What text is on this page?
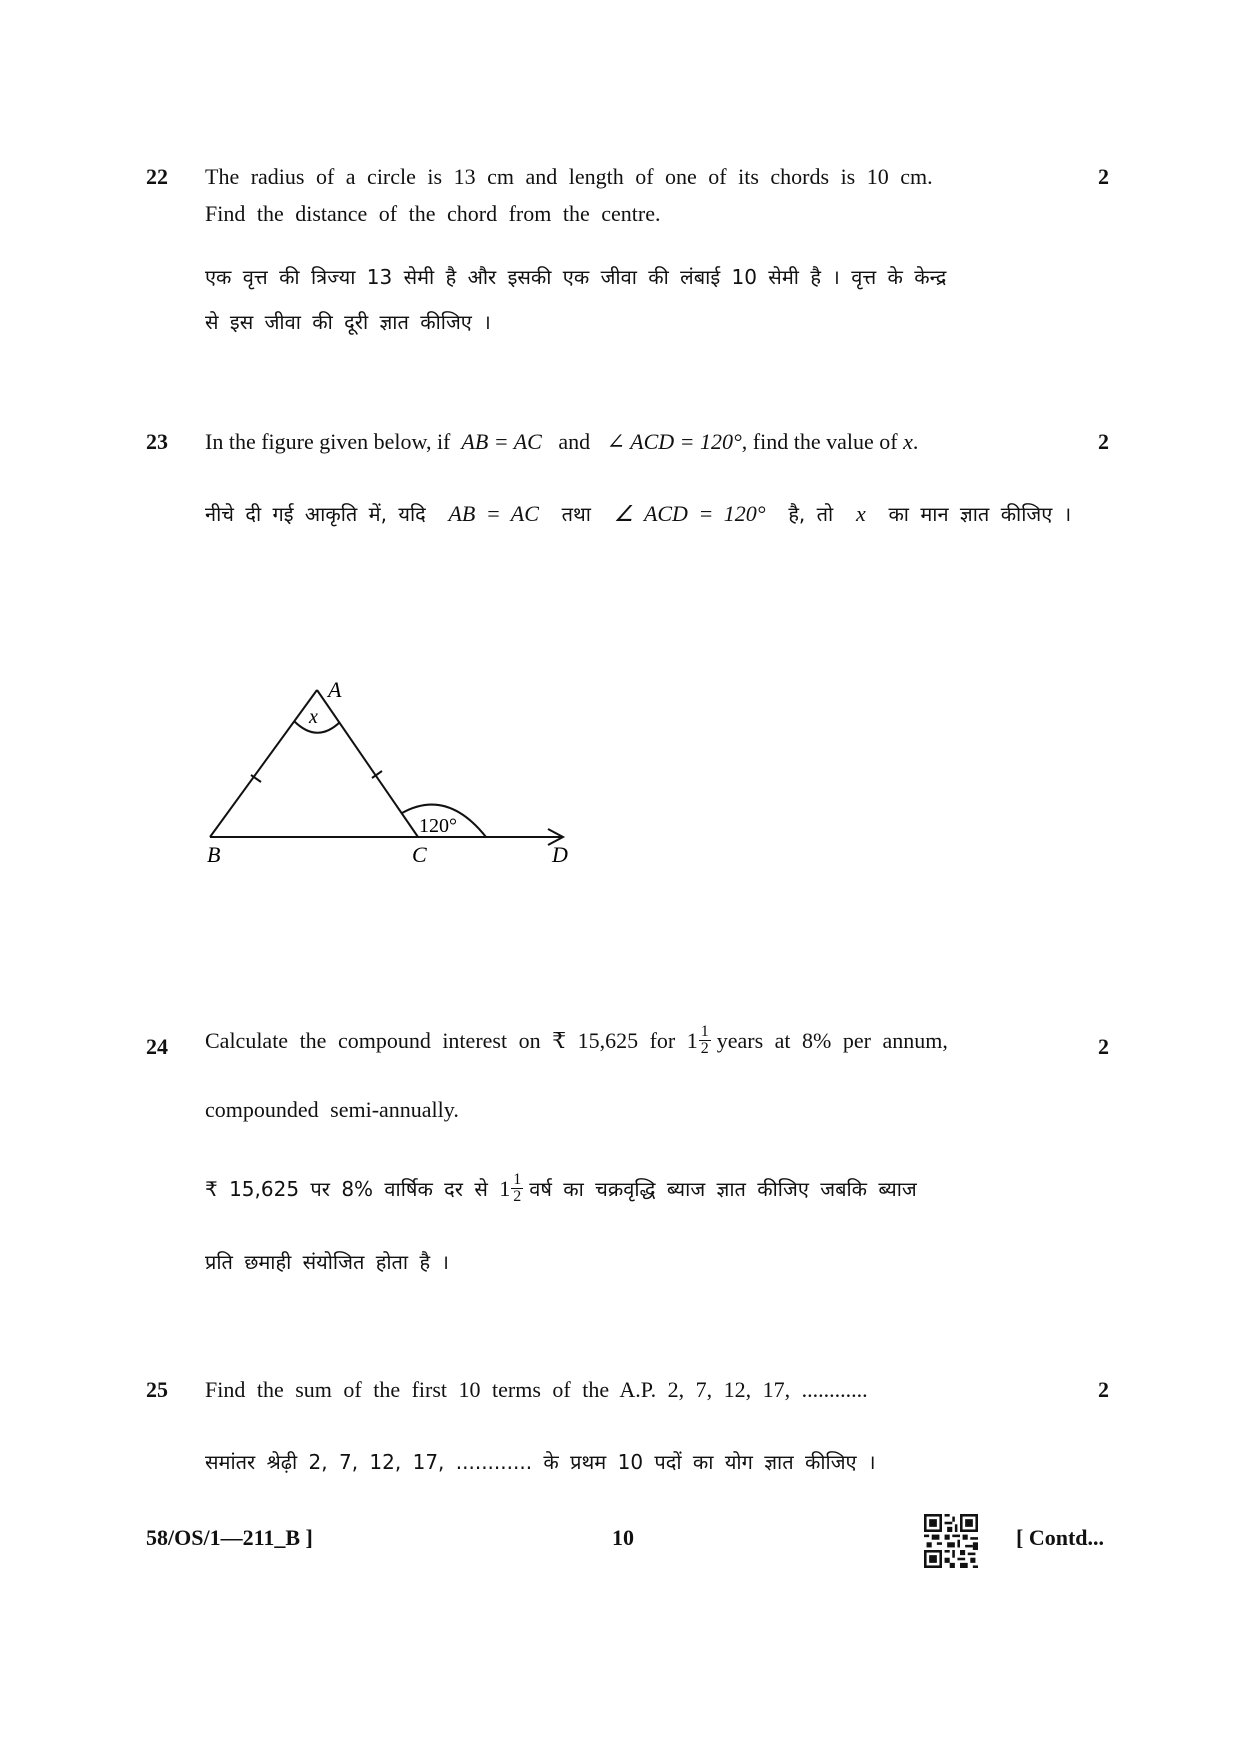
22	2
The radius of a circle is 13 cm and length of one of its chords is 10 cm.
Find the distance of the chord from the centre.
एक वृत्त की त्रिज्या 13 सेमी है और इसकी एक जीवा की लंबाई 10 सेमी है । वृत्त के केन्द्र
से इस जीवा की दूरी ज्ञात कीजिए ।
23	2
In the figure given below, if AB = AC and ∠ ACD = 120°, find the value of x.
नीचे दी गई आकृति में, यदि AB = AC तथा ∠ ACD = 120° है, तो x का मान ज्ञात कीजिए ।
A
B	C	D
x
120°
24	2
Calculate the compound interest on ₹ 15,625 for
$1 \frac{1}{2}$ years at 8% per annum,
compounded semi-annually.
₹ 15,625 पर 8% वार्षिक दर से
$1 \frac{1}{2}$ वर्ष का चक्रवृद्धि ब्याज ज्ञात कीजिए जबकि ब्याज
प्रति छमाही संयोजित होता है ।
25	2
Find the sum of the first 10 terms of the A.P. 2, 7, 12, 17, ............
समांतर श्रेढ़ी 2, 7, 12, 17, ............ के प्रथम 10 पदों का योग ज्ञात कीजिए ।
58/OS/1—211_B ]	10	[ Contd...
